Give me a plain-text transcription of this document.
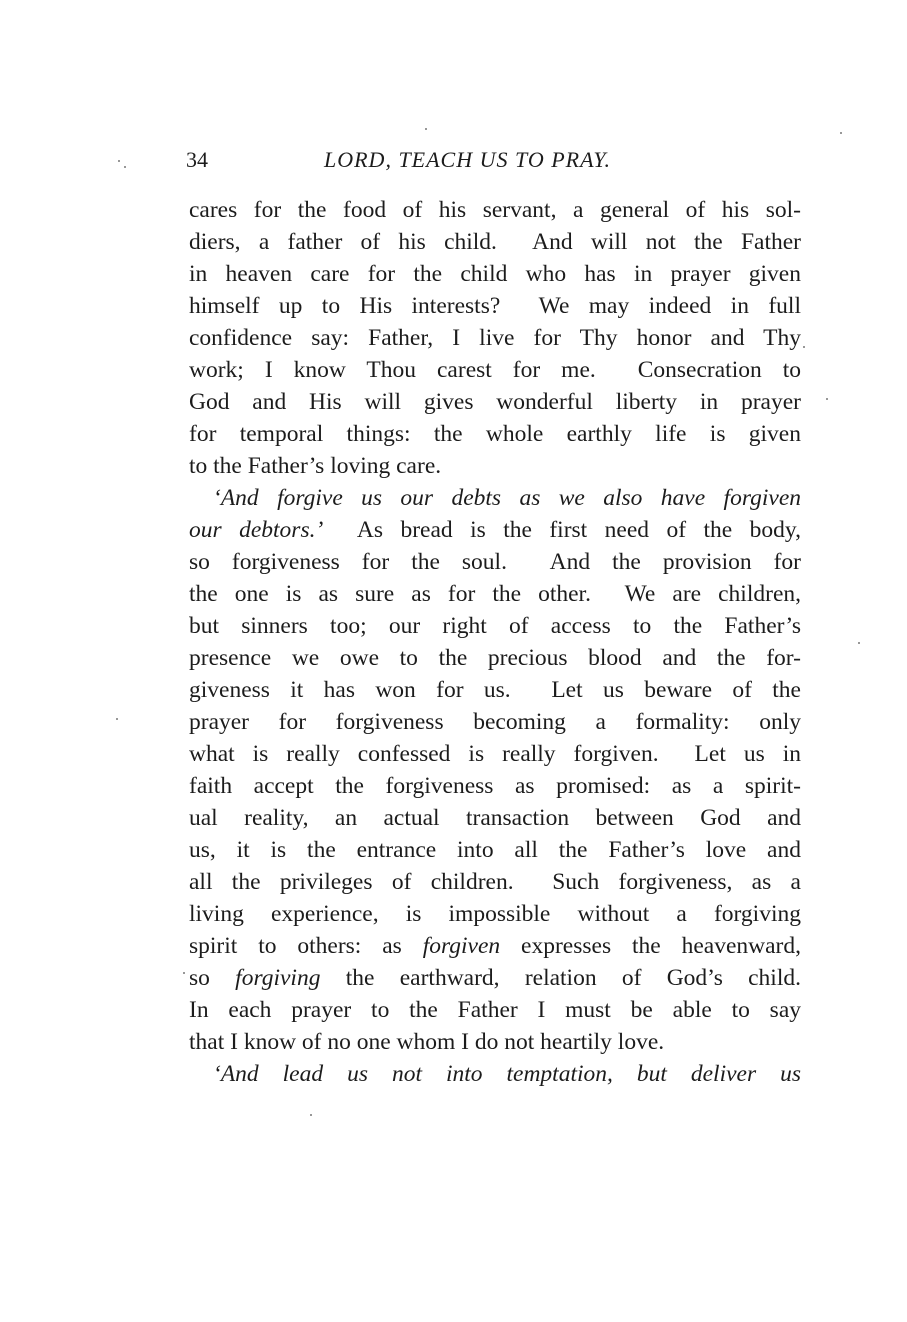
34	LORD, TEACH US TO PRAY.
cares for the food of his servant, a general of his sol-
diers, a father of his child.  And will not the Father
in heaven care for the child who has in prayer given
himself up to His interests?  We may indeed in full
confidence say: Father, I live for Thy honor and Thy
work; I know Thou carest for me.  Consecration to
God and His will gives wonderful liberty in prayer
for temporal things: the whole earthly life is given
to the Father’s loving care.
‘And forgive us our debts as we also have forgiven
our debtors.’  As bread is the first need of the body,
so forgiveness for the soul.  And the provision for
the one is as sure as for the other.  We are children,
but sinners too; our right of access to the Father’s
presence we owe to the precious blood and the for-
giveness it has won for us.  Let us beware of the
prayer for forgiveness becoming a formality: only
what is really confessed is really forgiven.  Let us in
faith accept the forgiveness as promised: as a spirit-
ual reality, an actual transaction between God and
us, it is the entrance into all the Father’s love and
all the privileges of children.  Such forgiveness, as a
living experience, is impossible without a forgiving
spirit to others: as forgiven expresses the heavenward,
so forgiving the earthward, relation of God’s child.
In each prayer to the Father I must be able to say
that I know of no one whom I do not heartily love.
‘And lead us not into temptation, but deliver us
